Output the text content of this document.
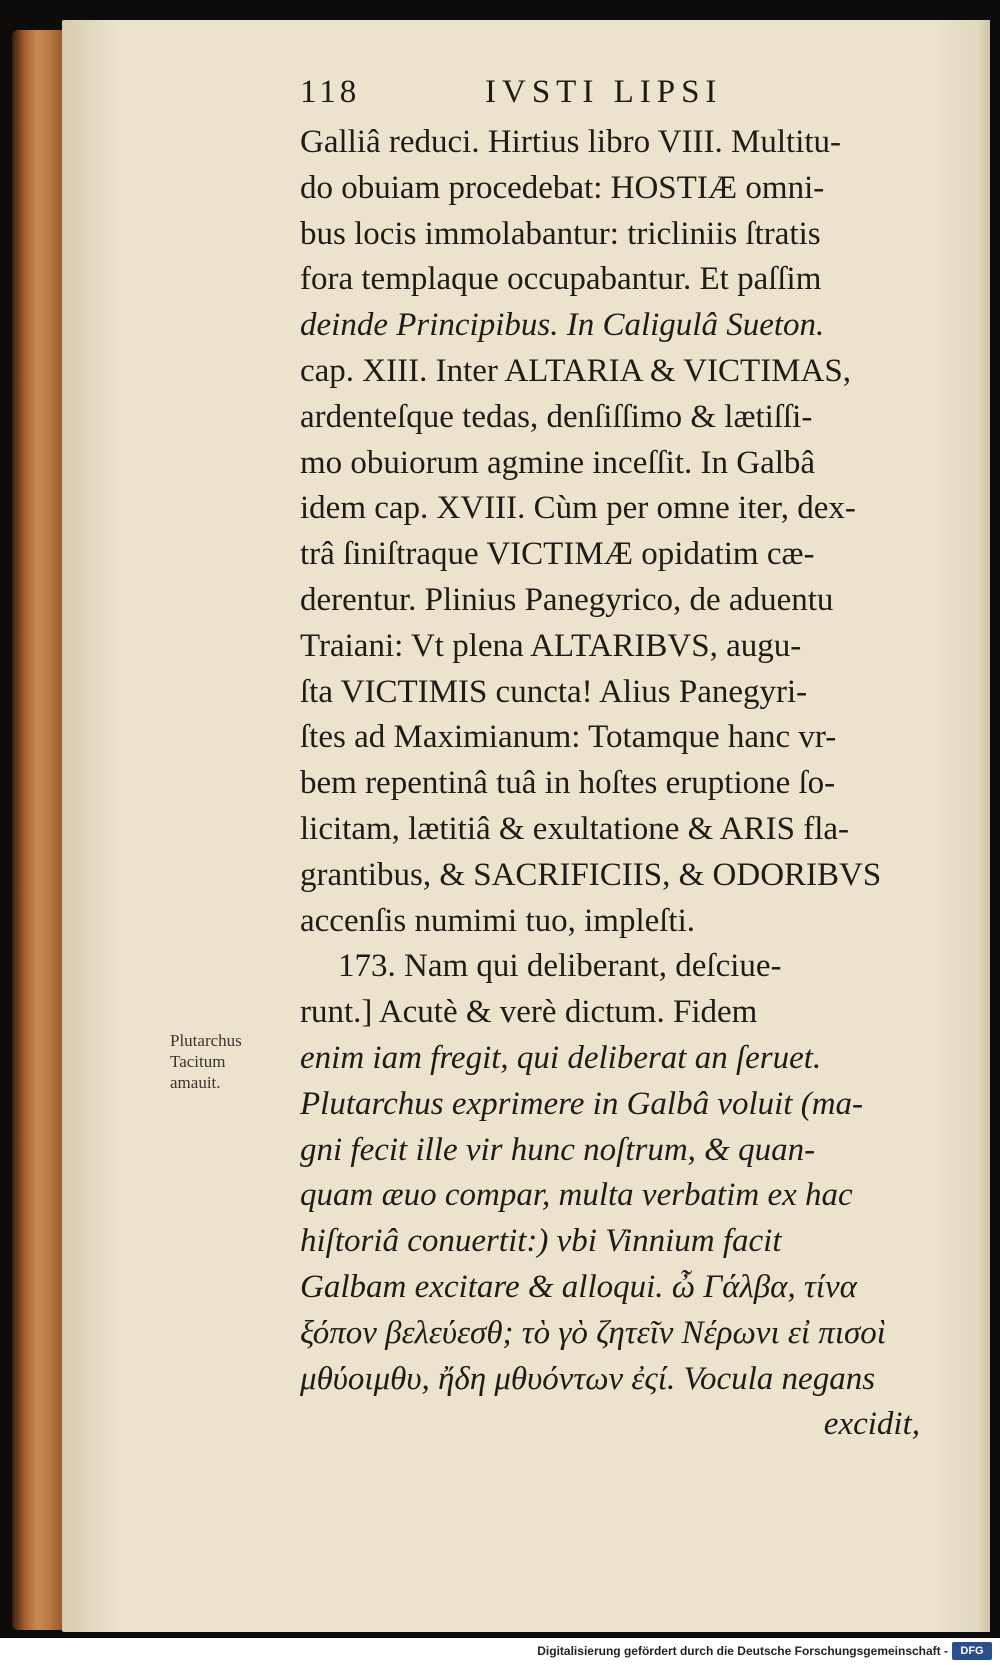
118	IVSTI LIPSI
Galliâ reduci. Hirtius libro VIII. Multitu-
do obuiam procedebat: HOSTIÆ omni-
bus locis immolabantur: tricliniis ſtratis
fora templaque occupabantur. Et paſſim
deinde Principibus. In Caligulâ Sueton.
cap. XIII. Inter ALTARIA & VICTIMAS,
ardenteſque tedas, denſiſſimo & lætiſſi-
mo obuiorum agmine inceſſit. In Galbâ
idem cap. XVIII. Cùm per omne iter, dex-
trâ ſiniſtraque VICTIMÆ opidatim cæ-
derentur. Plinius Panegyrico, de aduentu
Traiani: Vt plena ALTARIBVS, augu-
ſta VICTIMIS cuncta! Alius Panegyri-
ſtes ad Maximianum: Totamque hanc vr-
bem repentinâ tuâ in hoſtes eruptione ſo-
licitam, lætitiâ & exultatione & ARIS fla-
grantibus, & SACRIFICIIS, & ODORIBVS
accenſis numimi tuo, impleſti.
173. Nam qui deliberant, deſciue-
runt.] Acutè & verè dictum. Fidem
enim iam fregit, qui deliberat an ſeruet.
Plutarchus exprimere in Galbâ voluit (ma-
gni fecit ille vir hunc noſtrum, & quan-
quam æuo compar, multa verbatim ex hac
hiſtoriâ conuertit:) vbi Vinnium facit
Galbam excitare & alloqui. ὦ Γάλβα, τίνα
ξόπον βελεύεσθ; τὸ γὸ ζητεῖν Νέρωνι εἰ πισοὶ
μθύοιμθυ, ἤδη μθυόντων ἐςί. Vocula negans
excidit,
Plutarchus
Tacitum
amauit.
Digitalisierung gefördert durch die Deutsche Forschungsgemeinschaft -	DFG
